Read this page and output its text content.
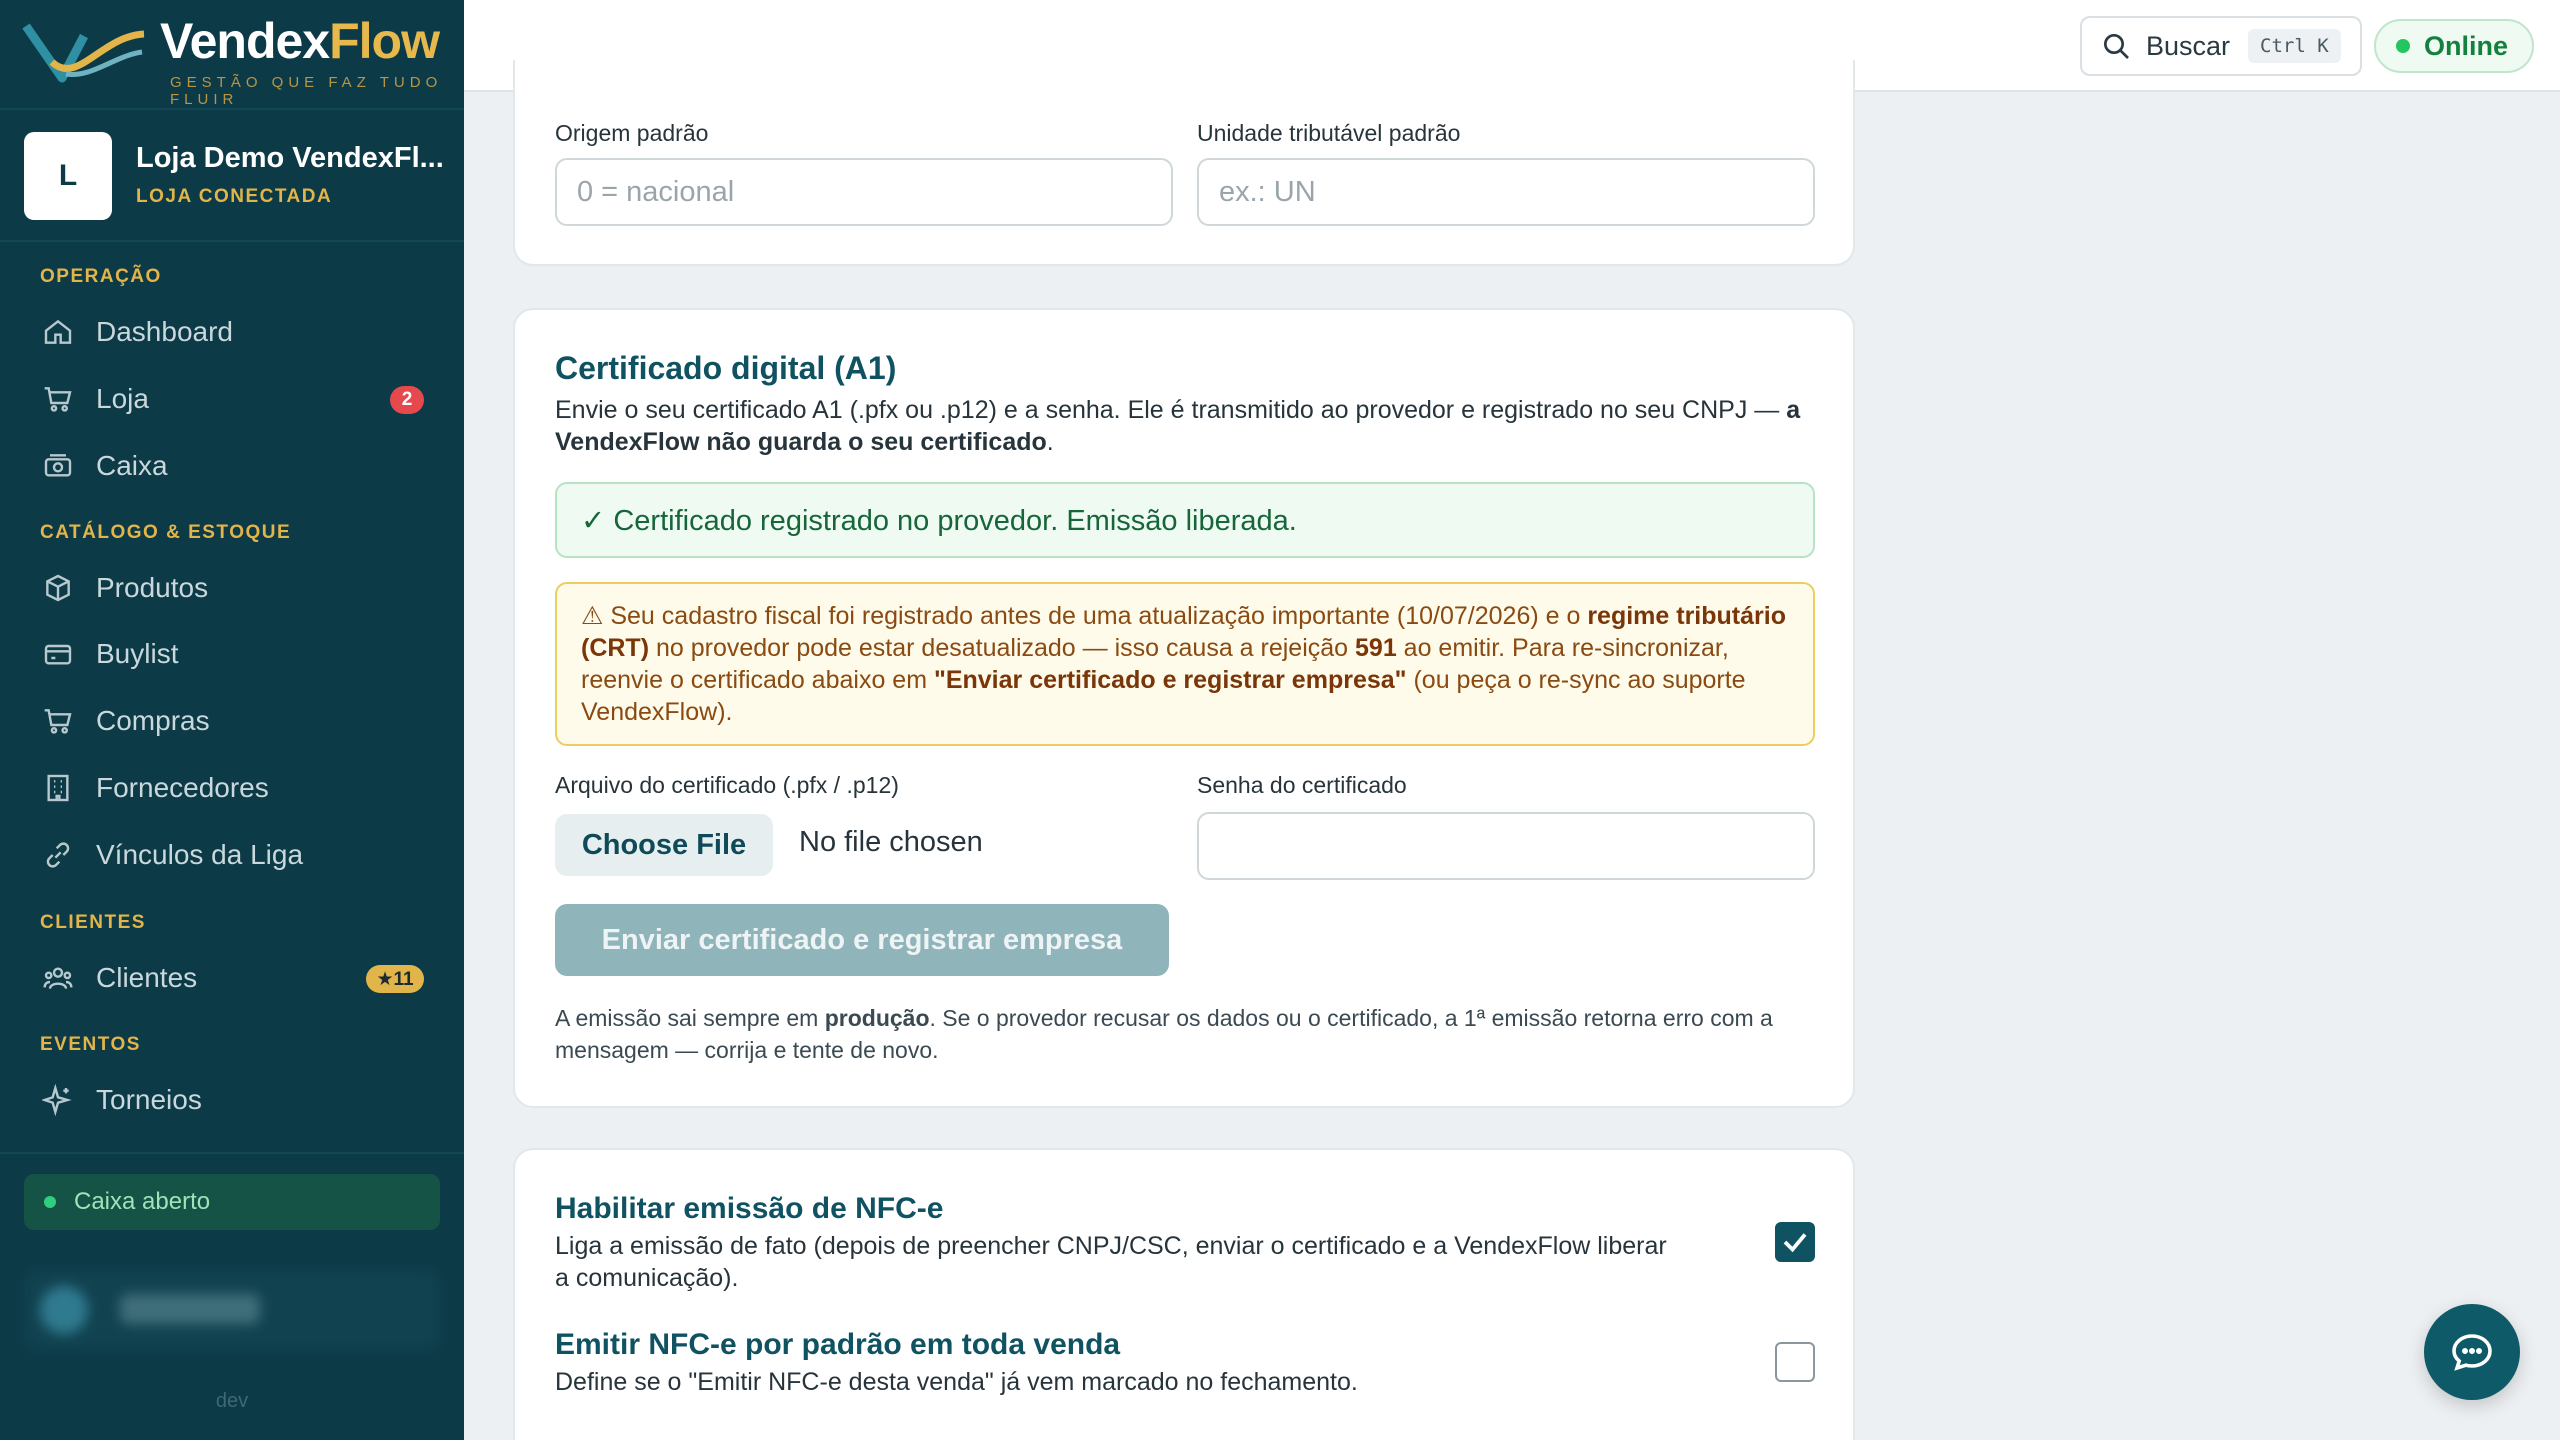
VendexFlow
GESTÃO QUE FAZ TUDO FLUIR
L
Loja Demo VendexFl...
LOJA CONECTADA
OPERAÇÃO
Dashboard
Loja	2
Caixa
CATÁLOGO & ESTOQUE
Produtos
Buylist
Compras
Fornecedores
Vínculos da Liga
CLIENTES
Clientes	★11
EVENTOS
Torneios
Caixa aberto
dev
Buscar	Ctrl K	Online
Origem padrão
0 = nacional
Unidade tributável padrão
ex.: UN
Certificado digital (A1)
Envie o seu certificado A1 (.pfx ou .p12) e a senha. Ele é transmitido ao provedor e registrado no seu CNPJ — a VendexFlow não guarda o seu certificado.
✓ Certificado registrado no provedor. Emissão liberada.
⚠ Seu cadastro fiscal foi registrado antes de uma atualização importante (10/07/2026) e o regime tributário (CRT) no provedor pode estar desatualizado — isso causa a rejeição 591 ao emitir. Para re-sincronizar, reenvie o certificado abaixo em "Enviar certificado e registrar empresa" (ou peça o re-sync ao suporte VendexFlow).
Arquivo do certificado (.pfx / .p12)
Choose File	No file chosen
Senha do certificado
Enviar certificado e registrar empresa
A emissão sai sempre em produção. Se o provedor recusar os dados ou o certificado, a 1ª emissão retorna erro com a mensagem — corrija e tente de novo.
Habilitar emissão de NFC-e
Liga a emissão de fato (depois de preencher CNPJ/CSC, enviar o certificado e a VendexFlow liberar a comunicação).
Emitir NFC-e por padrão em toda venda
Define se o "Emitir NFC-e desta venda" já vem marcado no fechamento.
